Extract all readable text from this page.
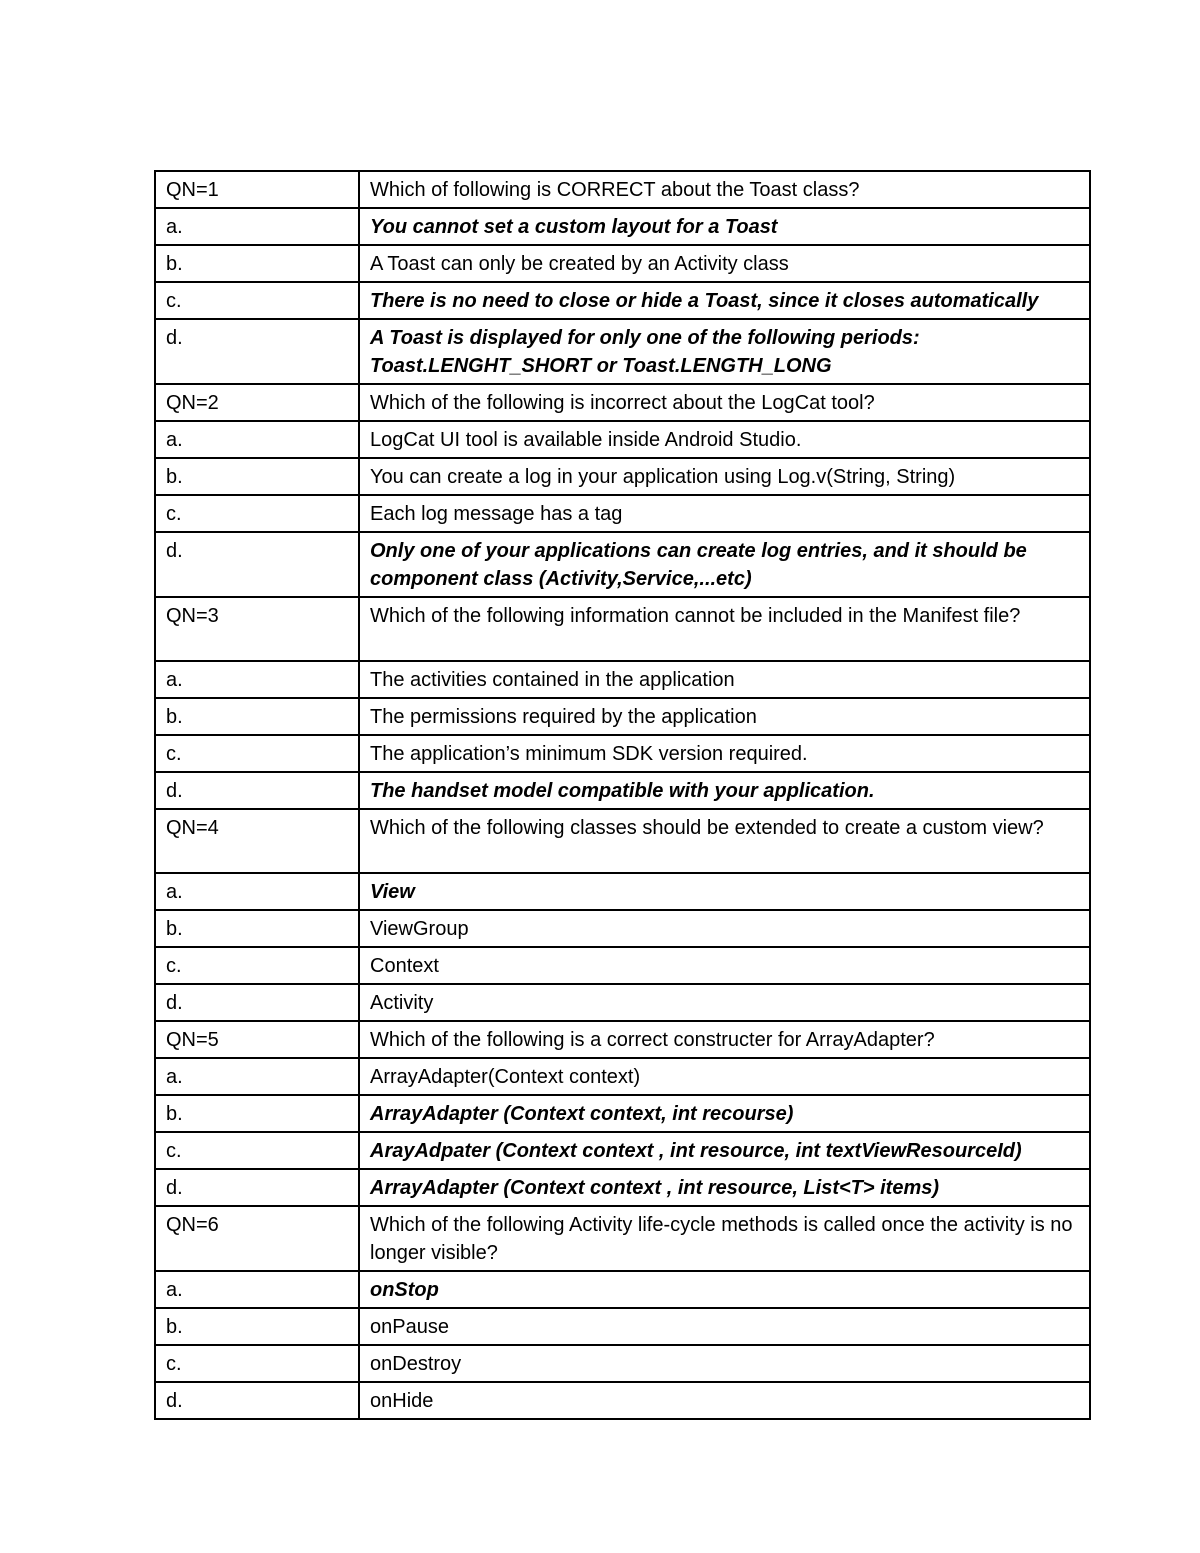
QN=1	Which of following is CORRECT about the Toast class?
a.	You cannot set a custom layout for a Toast
b.	A Toast can only be created by an Activity class
c.	There is no need to close or hide a Toast, since it closes automatically
d.	A Toast is displayed for only one of the following periods: Toast.LENGHT_SHORT or Toast.LENGTH_LONG
QN=2	Which of the following is incorrect about the LogCat tool?
a.	LogCat UI tool is available inside Android Studio.
b.	You can create a log in your application using Log.v(String, String)
c.	Each log message has a tag
d.	Only one of your applications can create log entries, and it should be component class (Activity,Service,...etc)
QN=3	Which of the following information cannot be included in the Manifest file?
a.	The activities contained in the application
b.	The permissions required by the application
c.	The application’s minimum SDK version required.
d.	The handset model compatible with your application.
QN=4	Which of the following classes should be extended to create a custom view?
a.	View
b.	ViewGroup
c.	Context
d.	Activity
QN=5	Which of the following is a correct constructer for ArrayAdapter?
a.	ArrayAdapter(Context context)
b.	ArrayAdapter (Context context, int recourse)
c.	ArayAdpater (Context context , int resource, int textViewResourceId)
d.	ArrayAdapter (Context context , int resource, List<T> items)
QN=6	Which of the following Activity life-cycle methods is called once the activity is no longer visible?
a.	onStop
b.	onPause
c.	onDestroy
d.	onHide
